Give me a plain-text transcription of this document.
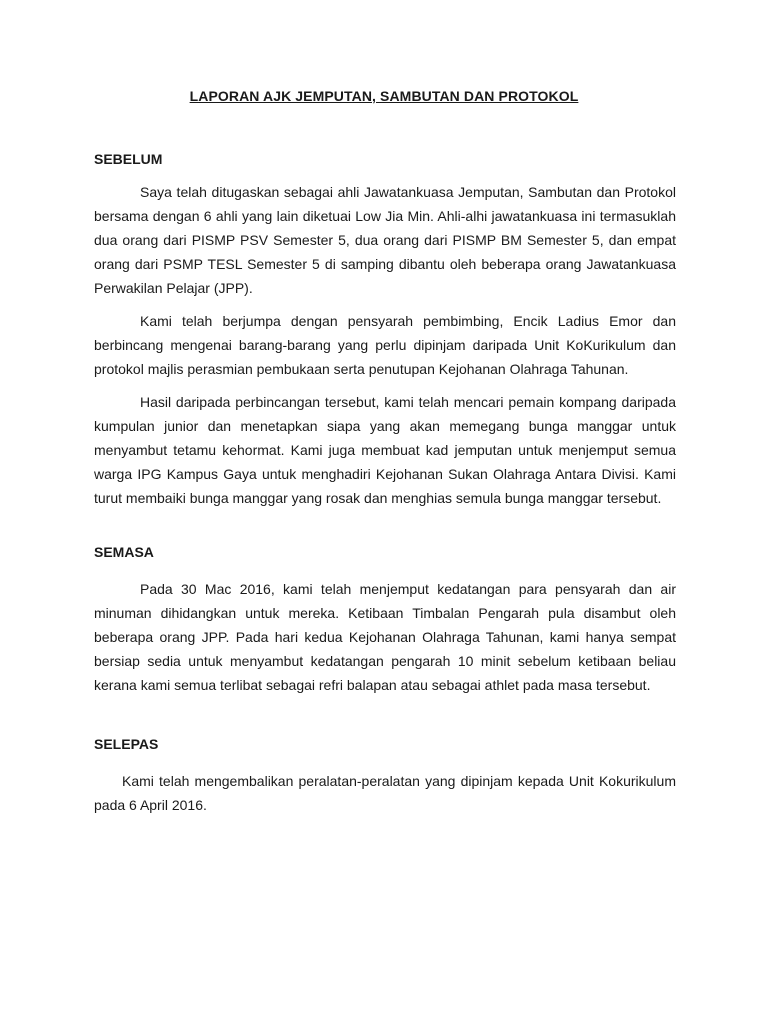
LAPORAN AJK JEMPUTAN, SAMBUTAN DAN PROTOKOL

SEBELUM

Saya telah ditugaskan sebagai ahli Jawatankuasa Jemputan, Sambutan dan Protokol bersama dengan 6 ahli yang lain diketuai Low Jia Min. Ahli-alhi jawatankuasa ini termasuklah dua orang dari PISMP PSV Semester 5, dua orang dari PISMP BM Semester 5, dan empat orang dari PSMP TESL Semester 5 di samping dibantu oleh beberapa orang Jawatankuasa Perwakilan Pelajar (JPP).

Kami telah berjumpa dengan pensyarah pembimbing, Encik Ladius Emor dan berbincang mengenai barang-barang yang perlu dipinjam daripada Unit KoKurikulum dan protokol majlis perasmian pembukaan serta penutupan Kejohanan Olahraga Tahunan.

Hasil daripada perbincangan tersebut, kami telah mencari pemain kompang daripada kumpulan junior dan menetapkan siapa yang akan memegang bunga manggar untuk menyambut tetamu kehormat. Kami juga membuat kad jemputan untuk menjemput semua warga IPG Kampus Gaya untuk menghadiri Kejohanan Sukan Olahraga Antara Divisi. Kami turut membaiki bunga manggar yang rosak dan menghias semula bunga manggar tersebut.

SEMASA

Pada 30 Mac 2016, kami telah menjemput kedatangan para pensyarah dan air minuman dihidangkan untuk mereka. Ketibaan Timbalan Pengarah pula disambut oleh beberapa orang JPP. Pada hari kedua Kejohanan Olahraga Tahunan, kami hanya sempat bersiap sedia untuk menyambut kedatangan pengarah 10 minit sebelum ketibaan beliau kerana kami semua terlibat sebagai refri balapan atau sebagai athlet pada masa tersebut.

SELEPAS

Kami telah mengembalikan peralatan-peralatan yang dipinjam kepada Unit Kokurikulum pada 6 April 2016.
